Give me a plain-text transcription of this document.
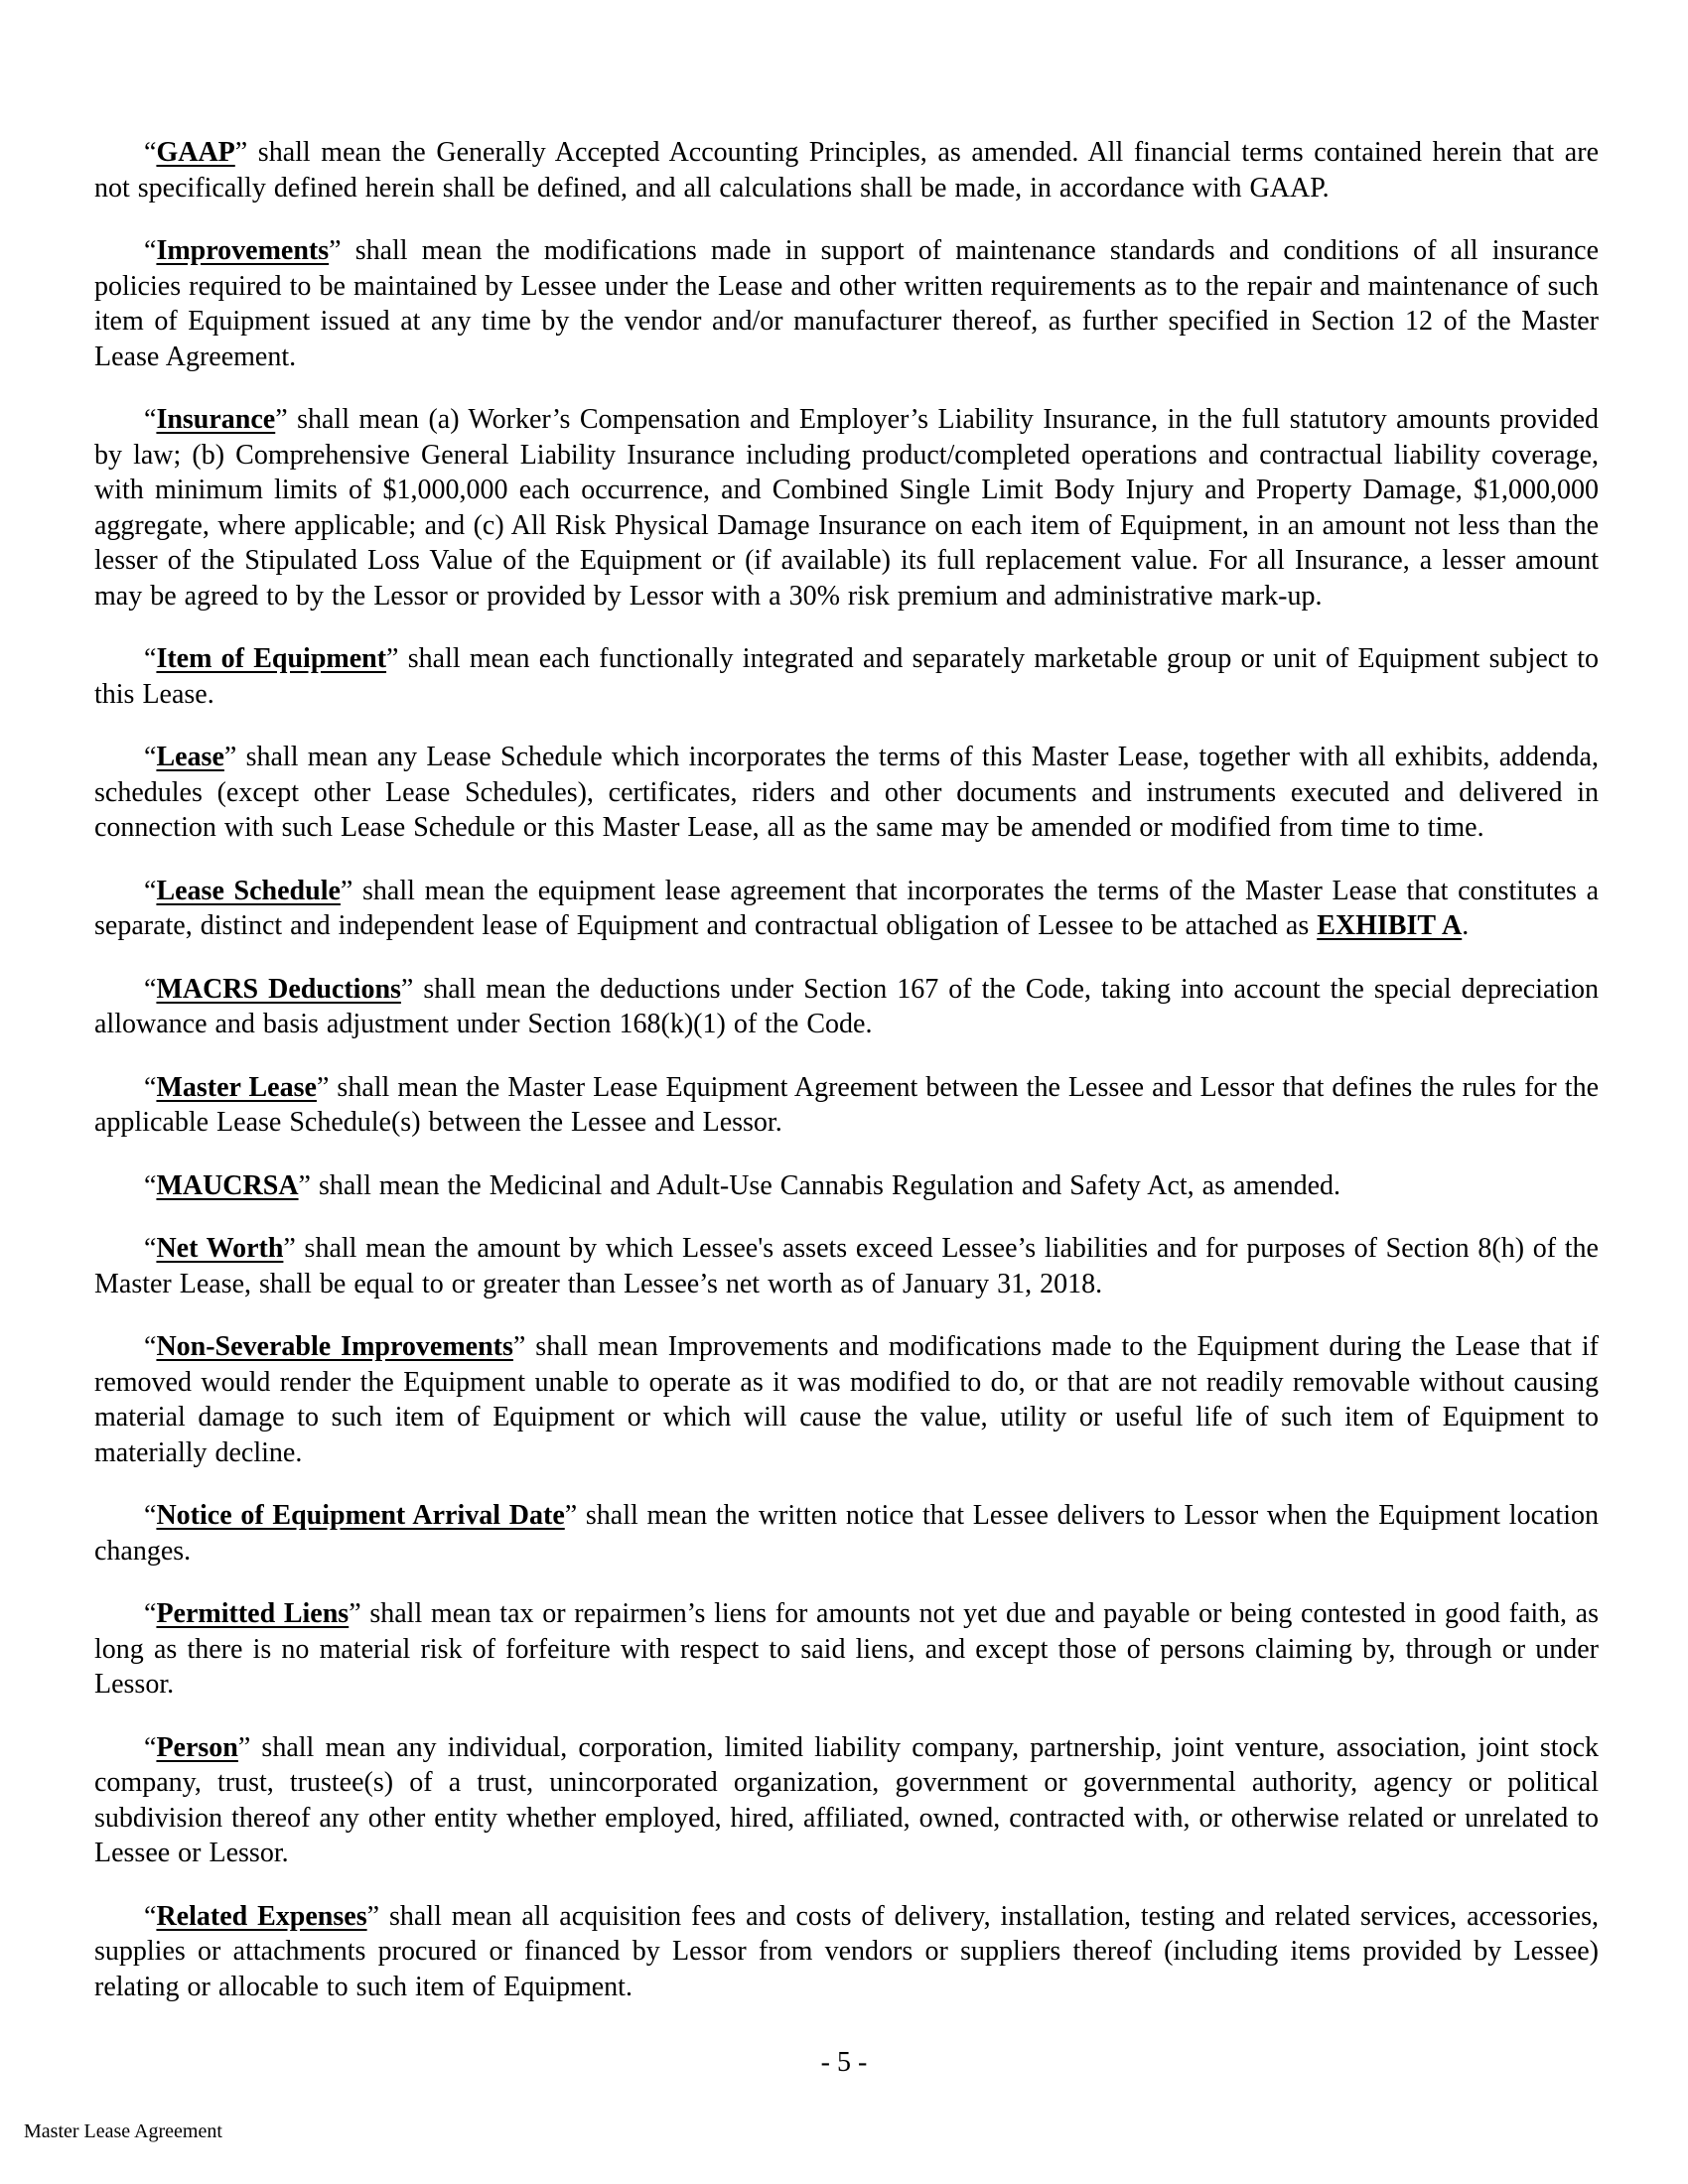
“GAAP” shall mean the Generally Accepted Accounting Principles, as amended. All financial terms contained herein that are not specifically defined herein shall be defined, and all calculations shall be made, in accordance with GAAP.

“Improvements” shall mean the modifications made in support of maintenance standards and conditions of all insurance policies required to be maintained by Lessee under the Lease and other written requirements as to the repair and maintenance of such item of Equipment issued at any time by the vendor and/or manufacturer thereof, as further specified in Section 12 of the Master Lease Agreement.

“Insurance” shall mean (a) Worker’s Compensation and Employer’s Liability Insurance, in the full statutory amounts provided by law; (b) Comprehensive General Liability Insurance including product/completed operations and contractual liability coverage, with minimum limits of $1,000,000 each occurrence, and Combined Single Limit Body Injury and Property Damage, $1,000,000 aggregate, where applicable; and (c) All Risk Physical Damage Insurance on each item of Equipment, in an amount not less than the lesser of the Stipulated Loss Value of the Equipment or (if available) its full replacement value. For all Insurance, a lesser amount may be agreed to by the Lessor or provided by Lessor with a 30% risk premium and administrative mark-up.

“Item of Equipment” shall mean each functionally integrated and separately marketable group or unit of Equipment subject to this Lease.

“Lease” shall mean any Lease Schedule which incorporates the terms of this Master Lease, together with all exhibits, addenda, schedules (except other Lease Schedules), certificates, riders and other documents and instruments executed and delivered in connection with such Lease Schedule or this Master Lease, all as the same may be amended or modified from time to time.

“Lease Schedule” shall mean the equipment lease agreement that incorporates the terms of the Master Lease that constitutes a separate, distinct and independent lease of Equipment and contractual obligation of Lessee to be attached as EXHIBIT A.

“MACRS Deductions” shall mean the deductions under Section 167 of the Code, taking into account the special depreciation allowance and basis adjustment under Section 168(k)(1) of the Code.

“Master Lease” shall mean the Master Lease Equipment Agreement between the Lessee and Lessor that defines the rules for the applicable Lease Schedule(s) between the Lessee and Lessor.

“MAUCRSA” shall mean the Medicinal and Adult-Use Cannabis Regulation and Safety Act, as amended.

“Net Worth” shall mean the amount by which Lessee's assets exceed Lessee’s liabilities and for purposes of Section 8(h) of the Master Lease, shall be equal to or greater than Lessee’s net worth as of January 31, 2018.

“Non-Severable Improvements” shall mean Improvements and modifications made to the Equipment during the Lease that if removed would render the Equipment unable to operate as it was modified to do, or that are not readily removable without causing material damage to such item of Equipment or which will cause the value, utility or useful life of such item of Equipment to materially decline.

“Notice of Equipment Arrival Date” shall mean the written notice that Lessee delivers to Lessor when the Equipment location changes.

“Permitted Liens” shall mean tax or repairmen’s liens for amounts not yet due and payable or being contested in good faith, as long as there is no material risk of forfeiture with respect to said liens, and except those of persons claiming by, through or under Lessor.

“Person” shall mean any individual, corporation, limited liability company, partnership, joint venture, association, joint stock company, trust, trustee(s) of a trust, unincorporated organization, government or governmental authority, agency or political subdivision thereof any other entity whether employed, hired, affiliated, owned, contracted with, or otherwise related or unrelated to Lessee or Lessor.

“Related Expenses” shall mean all acquisition fees and costs of delivery, installation, testing and related services, accessories, supplies or attachments procured or financed by Lessor from vendors or suppliers thereof (including items provided by Lessee) relating or allocable to such item of Equipment.

- 5 -
Master Lease Agreement
